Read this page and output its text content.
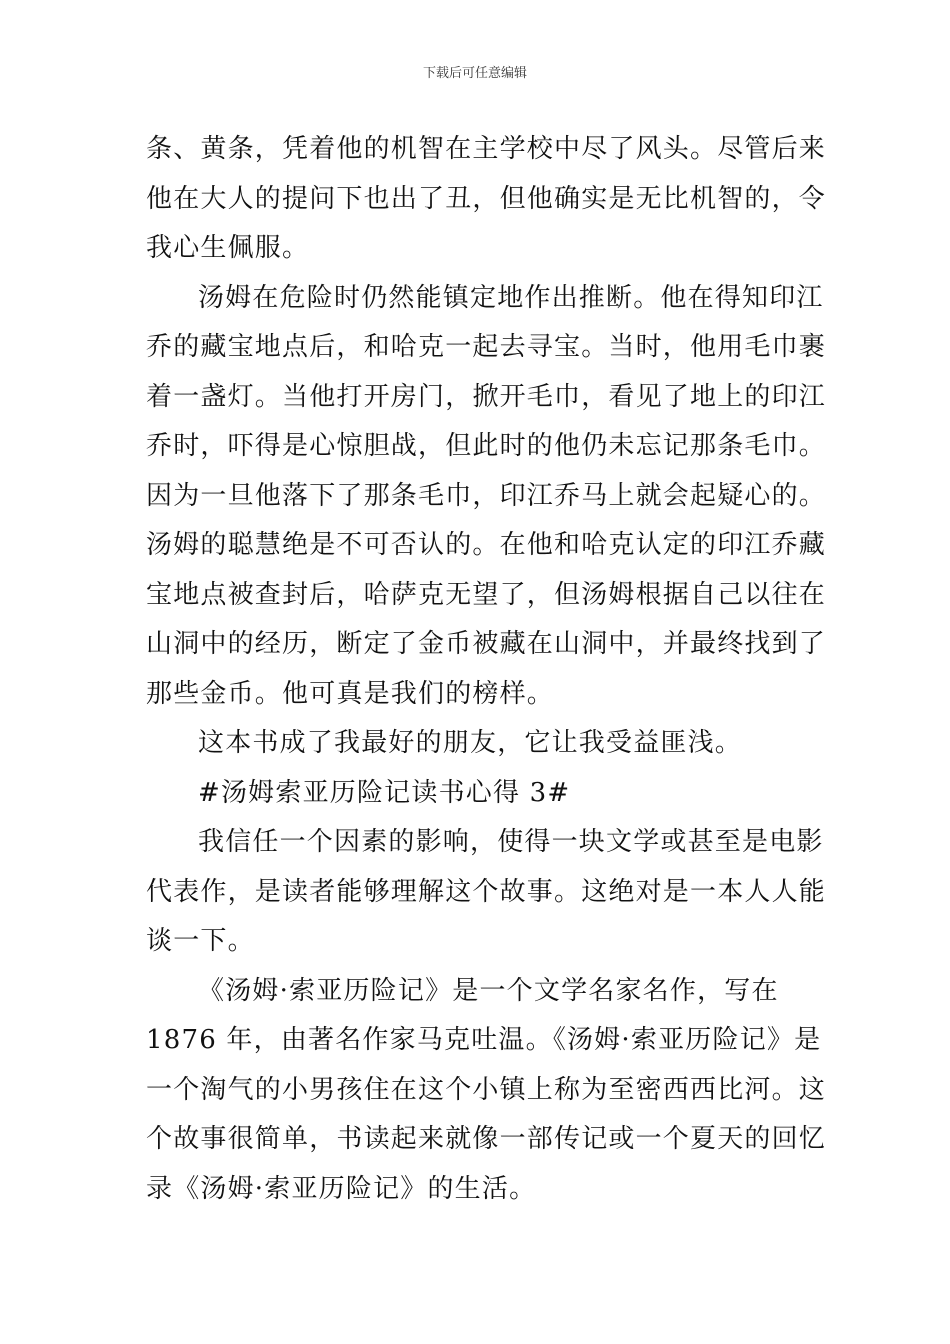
下载后可任意编辑
条、黄条，凭着他的机智在主学校中尽了风头。尽管后来
他在大人的提问下也出了丑，但他确实是无比机智的，令
我心生佩服。
汤姆在危险时仍然能镇定地作出推断。他在得知印江
乔的藏宝地点后，和哈克一起去寻宝。当时，他用毛巾裹
着一盏灯。当他打开房门，掀开毛巾，看见了地上的印江
乔时，吓得是心惊胆战，但此时的他仍未忘记那条毛巾。
因为一旦他落下了那条毛巾，印江乔马上就会起疑心的。
汤姆的聪慧绝是不可否认的。在他和哈克认定的印江乔藏
宝地点被查封后，哈萨克无望了，但汤姆根据自己以往在
山洞中的经历，断定了金币被藏在山洞中，并最终找到了
那些金币。他可真是我们的榜样。
这本书成了我最好的朋友，它让我受益匪浅。
#汤姆索亚历险记读书心得 3#
我信任一个因素的影响，使得一块文学或甚至是电影
代表作，是读者能够理解这个故事。这绝对是一本人人能
谈一下。
《汤姆·索亚历险记》是一个文学名家名作，写在
1876 年，由著名作家马克吐温。《汤姆·索亚历险记》是
一个淘气的小男孩住在这个小镇上称为至密西西比河。这
个故事很简单，书读起来就像一部传记或一个夏天的回忆
录《汤姆·索亚历险记》的生活。
